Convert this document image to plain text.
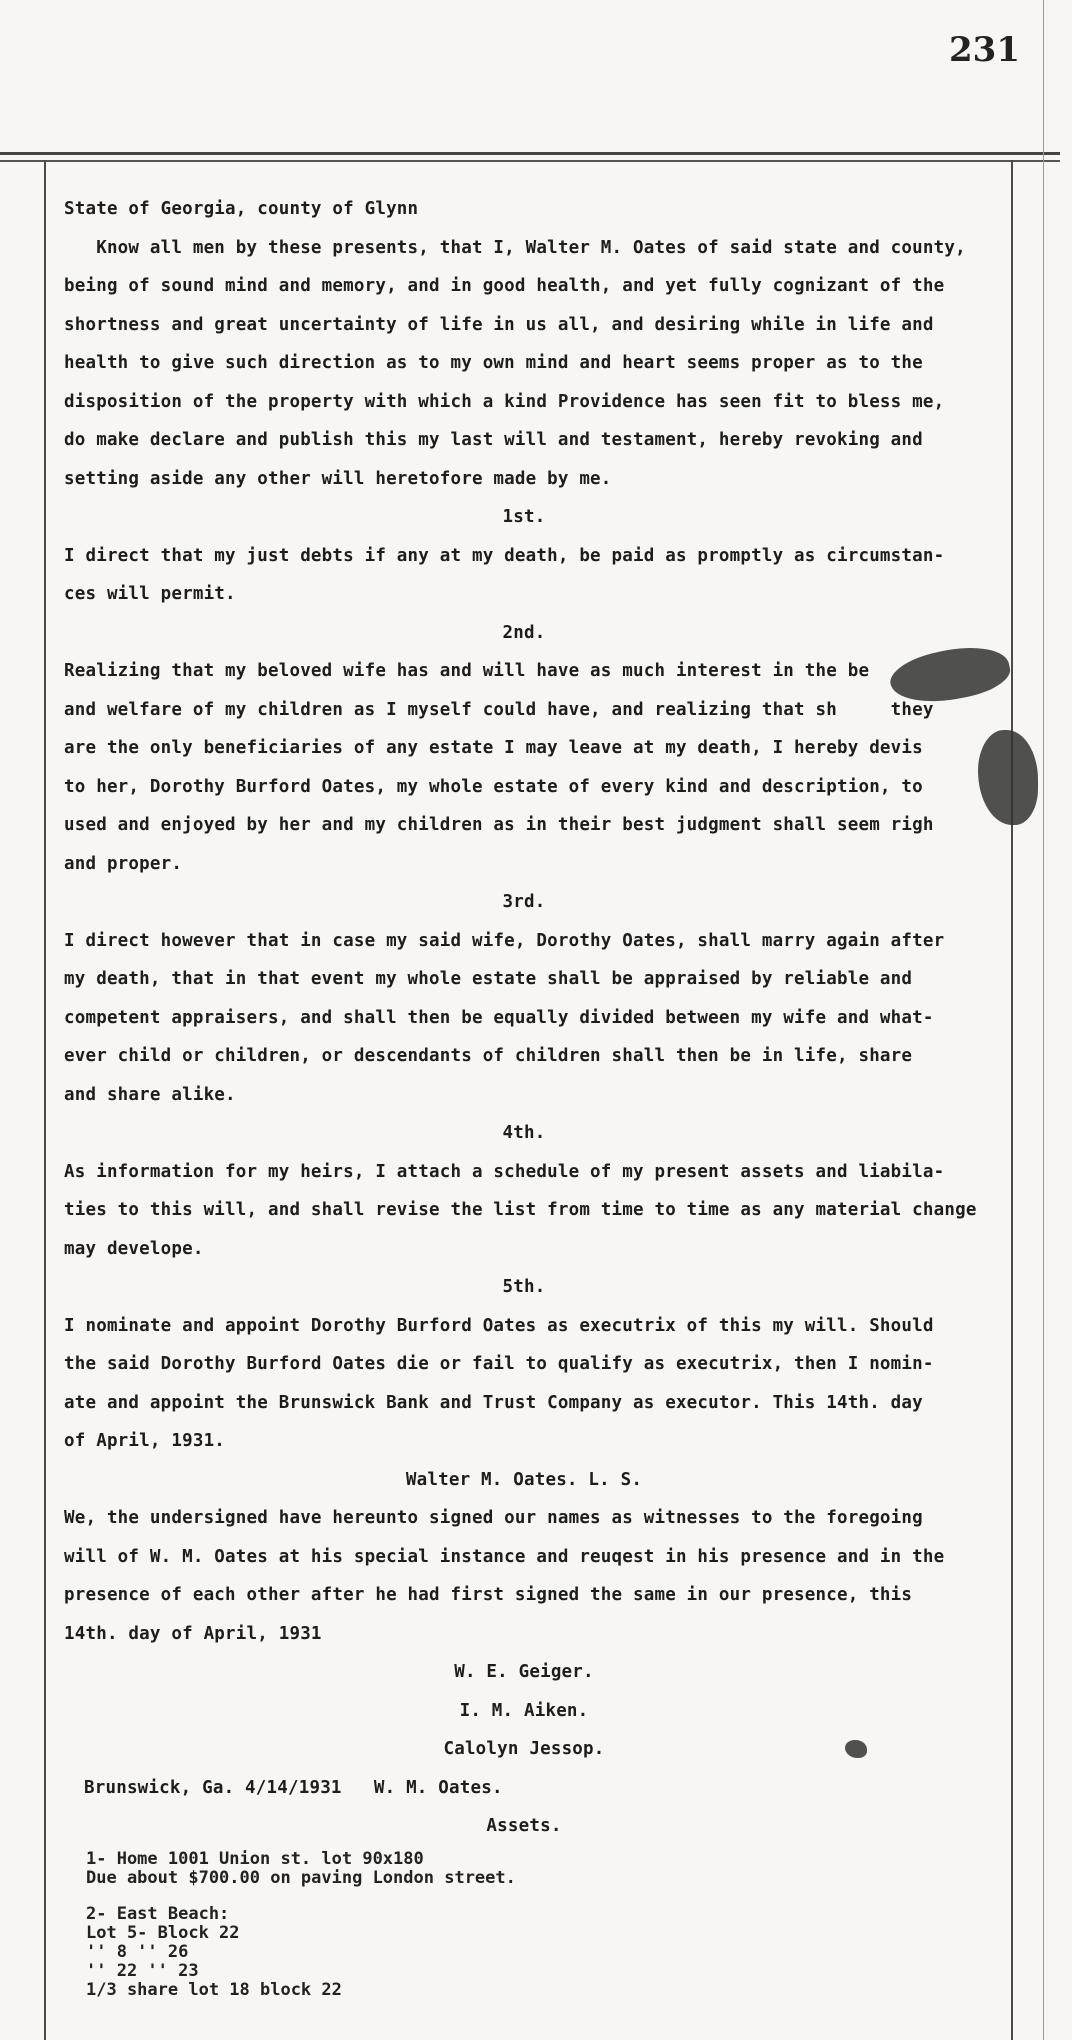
231
State of Georgia, county of Glynn
Know all men by these presents, that I, Walter M. Oates of said state and county,
being of sound mind and memory, and in good health, and yet fully cognizant of the
shortness and great uncertainty of life in us all, and desiring while in life and
health to give such direction as to my own mind and heart seems proper as to the
disposition of the property with which a kind Providence has seen fit to bless me,
do make declare and publish this my last will and testament, hereby revoking and
setting aside any other will heretofore made by me.
1st.
I direct that my just debts if any at my death, be paid as promptly as circumstan-
ces will permit.
2nd.
Realizing that my beloved wife has and will have as much interest in the be
and welfare of my children as I myself could have, and realizing that sh     they
are the only beneficiaries of any estate I may leave at my death, I hereby devis
to her, Dorothy Burford Oates, my whole estate of every kind and description, to
used and enjoyed by her and my children as in their best judgment shall seem righ
and proper.
3rd.
I direct however that in case my said wife, Dorothy Oates, shall marry again after
my death, that in that event my whole estate shall be appraised by reliable and
competent appraisers, and shall then be equally divided between my wife and what-
ever child or children, or descendants of children shall then be in life, share
and share alike.
4th.
As information for my heirs, I attach a schedule of my present assets and liabila-
ties to this will, and shall revise the list from time to time as any material change
may develope.
5th.
I nominate and appoint Dorothy Burford Oates as executrix of this my will. Should
the said Dorothy Burford Oates die or fail to qualify as executrix, then I nomin-
ate and appoint the Brunswick Bank and Trust Company as executor. This 14th. day
of April, 1931.
Walter M. Oates. L. S.
We, the undersigned have hereunto signed our names as witnesses to the foregoing
will of W. M. Oates at his special instance and reuqest in his presence and in the
presence of each other after he had first signed the same in our presence, this
14th. day of April, 1931
W. E. Geiger.
I. M. Aiken.
Calolyn Jessop.
Brunswick, Ga. 4/14/1931   W. M. Oates.
Assets.
1- Home 1001 Union st. lot 90x180
Due about $700.00 on paving London street.
2- East Beach:
Lot 5- Block 22
'' 8 '' 26
'' 22 '' 23
1/3 share lot 18 block 22
